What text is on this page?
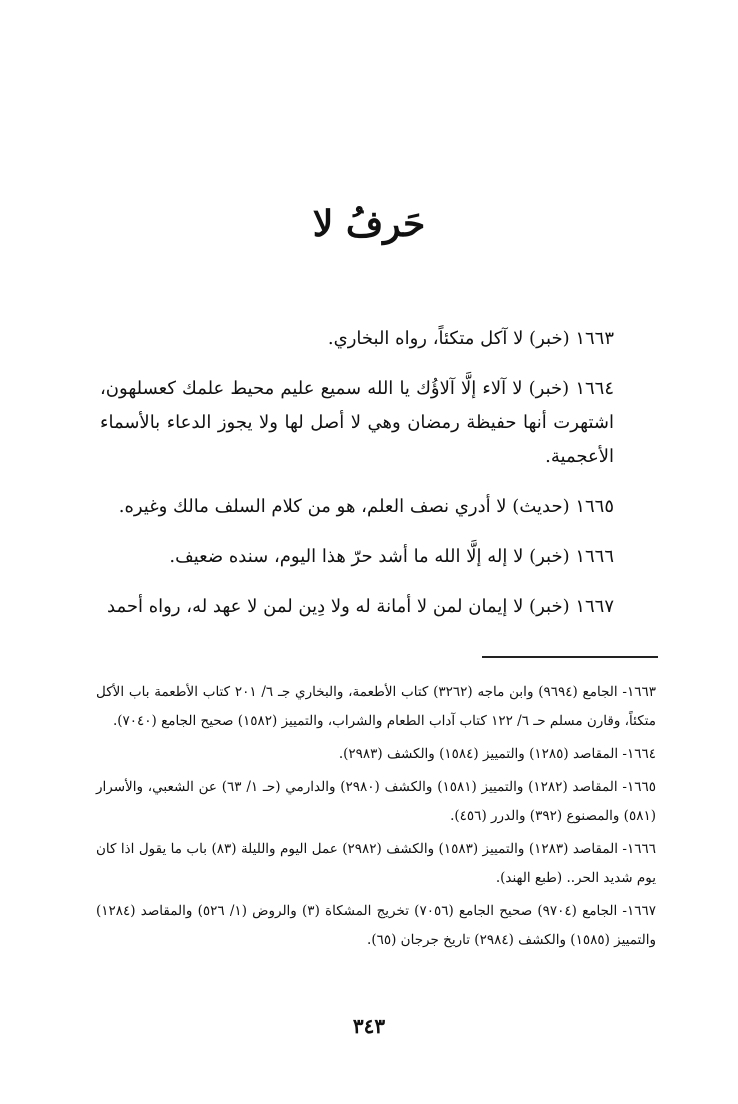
حَرفُ لا

١٦٦٣ (خبر) لا آكل متكئاً، رواه البخاري.

١٦٦٤ (خبر) لا آلاء إلَّا آلاؤُك يا الله سميع عليم محيط علمك كعسلهون، اشتهرت أنها حفيظة رمضان وهي لا أصل لها ولا يجوز الدعاء بالأسماء الأعجمية.

١٦٦٥ (حديث) لا أدري نصف العلم، هو من كلام السلف مالك وغيره.

١٦٦٦ (خبر) لا إله إلَّا الله ما أشد حرّ هذا اليوم، سنده ضعيف.

١٦٦٧ (خبر) لا إيمان لمن لا أمانة له ولا دِين لمن لا عهد له، رواه أحمد

١٦٦٣- الجامع (٩٦٩٤) وابن ماجه (٣٢٦٢) كتاب الأطعمة، والبخاري جـ ٦/ ٢٠١ كتاب الأطعمة باب الأكل متكئاً، وقارن مسلم حـ ٦/ ١٢٢ كتاب آداب الطعام والشراب، والتمييز (١٥٨٢) صحيح الجامع (٧٠٤٠).

١٦٦٤- المقاصد (١٢٨٥) والتمييز (١٥٨٤) والكشف (٢٩٨٣).

١٦٦٥- المقاصد (١٢٨٢) والتمييز (١٥٨١) والكشف (٢٩٨٠) والدارمي (حـ ١/ ٦٣) عن الشعبي، والأسرار (٥٨١) والمصنوع (٣٩٢) والدرر (٤٥٦).

١٦٦٦- المقاصد (١٢٨٣) والتمييز (١٥٨٣) والكشف (٢٩٨٢) عمل اليوم والليلة (٨٣) باب ما يقول اذا كان يوم شديد الحر.. (طبع الهند).

١٦٦٧- الجامع (٩٧٠٤) صحيح الجامع (٧٠٥٦) تخريج المشكاة (٣) والروض (١/ ٥٢٦) والمقاصد (١٢٨٤) والتمييز (١٥٨٥) والكشف (٢٩٨٤) تاريخ جرجان (٦٥).

٣٤٣
